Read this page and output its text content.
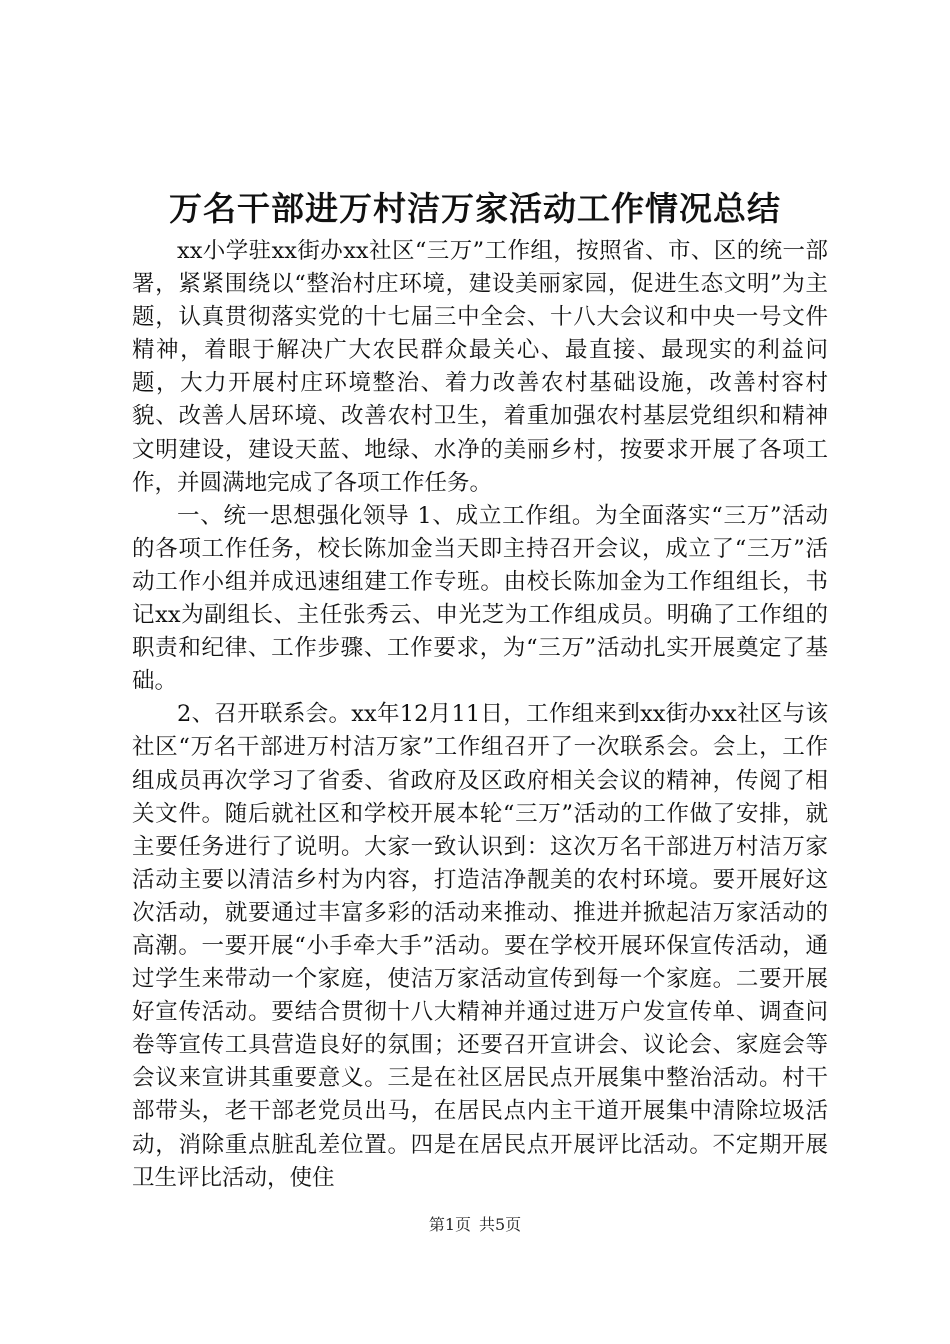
万名干部进万村洁万家活动工作情况总结

xx小学驻xx街办xx社区“三万”工作组，按照省、市、区的统一部署，紧紧围绕以“整治村庄环境，建设美丽家园，促进生态文明”为主题，认真贯彻落实党的十七届三中全会、十八大会议和中央一号文件精神，着眼于解决广大农民群众最关心、最直接、最现实的利益问题，大力开展村庄环境整治、着力改善农村基础设施，改善村容村貌、改善人居环境、改善农村卫生，着重加强农村基层党组织和精神文明建设，建设天蓝、地绿、水净的美丽乡村，按要求开展了各项工作，并圆满地完成了各项工作任务。

一、统一思想强化领导 1、成立工作组。为全面落实“三万”活动的各项工作任务，校长陈加金当天即主持召开会议，成立了“三万”活动工作小组并成迅速组建工作专班。由校长陈加金为工作组组长，书记xx为副组长、主任张秀云、申光芝为工作组成员。明确了工作组的职责和纪律、工作步骤、工作要求，为“三万”活动扎实开展奠定了基础。

2、召开联系会。xx年12月11日，工作组来到xx街办xx社区与该社区“万名干部进万村洁万家”工作组召开了一次联系会。会上，工作组成员再次学习了省委、省政府及区政府相关会议的精神，传阅了相关文件。随后就社区和学校开展本轮“三万”活动的工作做了安排，就主要任务进行了说明。大家一致认识到：这次万名干部进万村洁万家活动主要以清洁乡村为内容，打造洁净靓美的农村环境。要开展好这次活动，就要通过丰富多彩的活动来推动、推进并掀起洁万家活动的高潮。一要开展“小手牵大手”活动。要在学校开展环保宣传活动，通过学生来带动一个家庭，使洁万家活动宣传到每一个家庭。二要开展好宣传活动。要结合贯彻十八大精神并通过进万户发宣传单、调查问卷等宣传工具营造良好的氛围；还要召开宣讲会、议论会、家庭会等会议来宣讲其重要意义。三是在社区居民点开展集中整治活动。村干部带头，老干部老党员出马，在居民点内主干道开展集中清除垃圾活动，消除重点脏乱差位置。四是在居民点开展评比活动。不定期开展卫生评比活动，使住

第1页 共5页
